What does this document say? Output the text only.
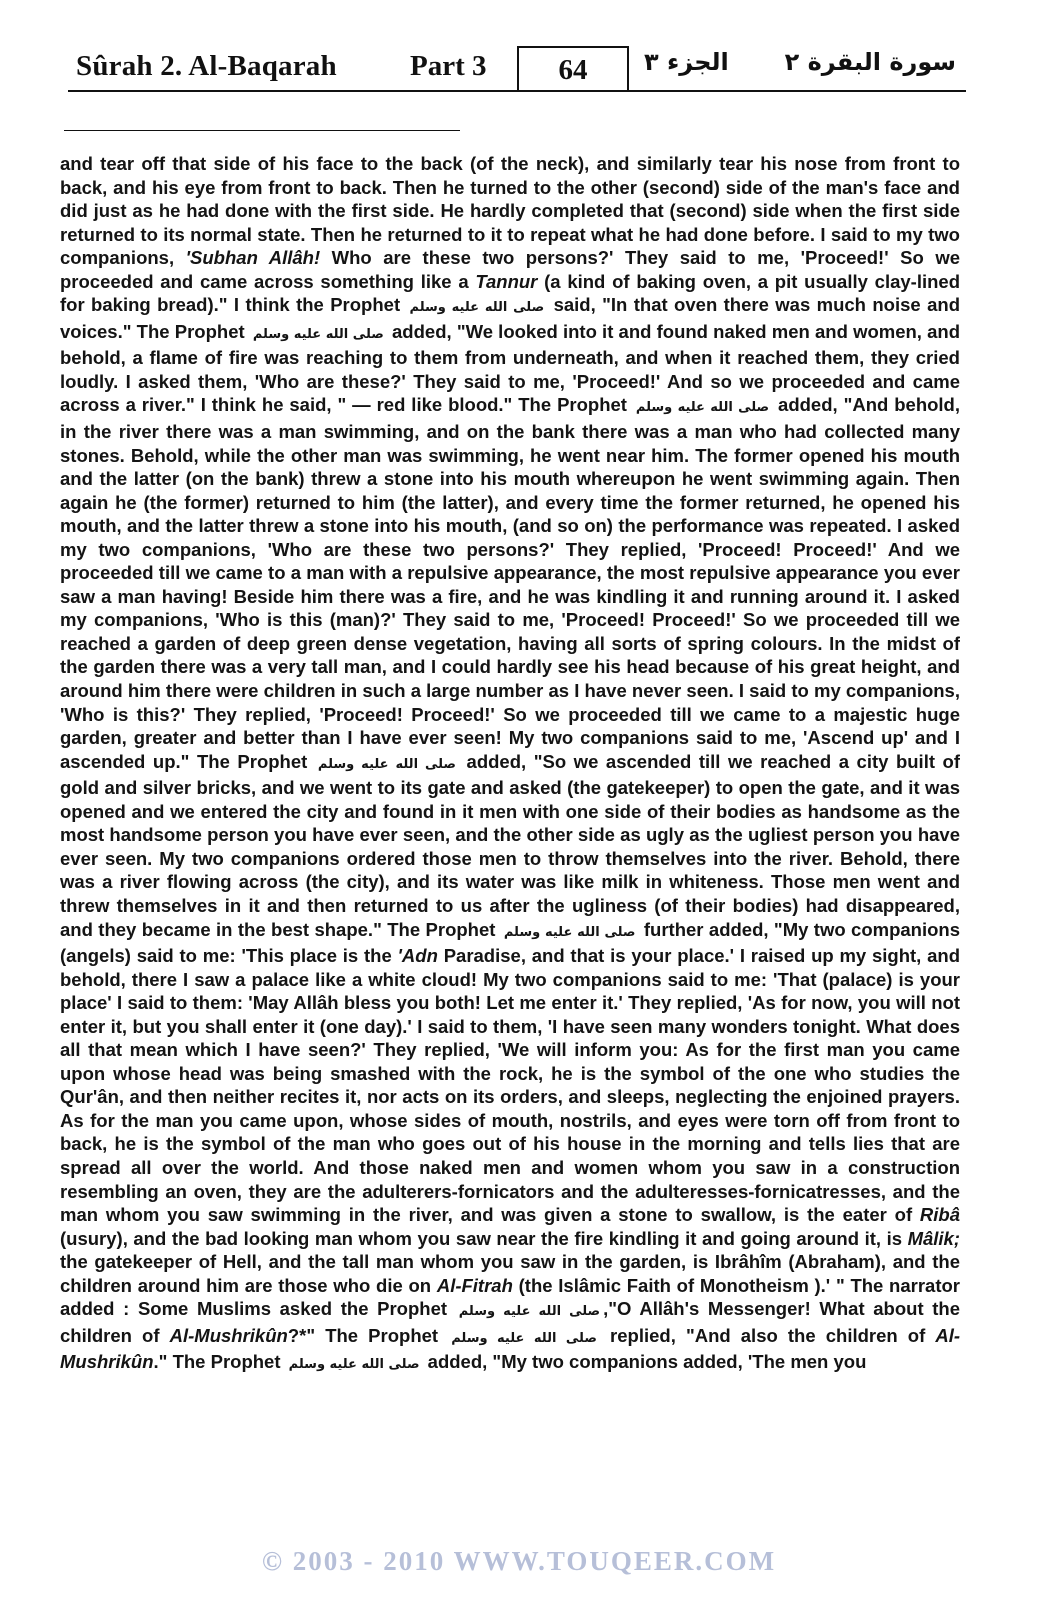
Sûrah 2. Al-Baqarah	Part 3	64	الجزء ٣ سورة البقرة ٢

and tear off that side of his face to the back (of the neck), and similarly tear his nose from front to back, and his eye from front to back. Then he turned to the other (second) side of the man's face and did just as he had done with the first side. He hardly completed that (second) side when the first side returned to its normal state. Then he returned to it to repeat what he had done before. I said to my two companions, 'Subhan Allâh! Who are these two persons?' They said to me, 'Proceed!' So we proceeded and came across something like a Tannur (a kind of baking oven, a pit usually clay-lined for baking bread)." I think the Prophet صلى الله عليه وسلم said, "In that oven there was much noise and voices." The Prophet صلى الله عليه وسلم added, "We looked into it and found naked men and women, and behold, a flame of fire was reaching to them from underneath, and when it reached them, they cried loudly. I asked them, 'Who are these?' They said to me, 'Proceed!' And so we proceeded and came across a river." I think he said, " — red like blood." The Prophet صلى الله عليه وسلم added, "And behold, in the river there was a man swimming, and on the bank there was a man who had collected many stones. Behold, while the other man was swimming, he went near him. The former opened his mouth and the latter (on the bank) threw a stone into his mouth whereupon he went swimming again. Then again he (the former) returned to him (the latter), and every time the former returned, he opened his mouth, and the latter threw a stone into his mouth, (and so on) the performance was repeated. I asked my two companions, 'Who are these two persons?' They replied, 'Proceed! Proceed!' And we proceeded till we came to a man with a repulsive appearance, the most repulsive appearance you ever saw a man having! Beside him there was a fire, and he was kindling it and running around it. I asked my companions, 'Who is this (man)?' They said to me, 'Proceed! Proceed!' So we proceeded till we reached a garden of deep green dense vegetation, having all sorts of spring colours. In the midst of the garden there was a very tall man, and I could hardly see his head because of his great height, and around him there were children in such a large number as I have never seen. I said to my companions, 'Who is this?' They replied, 'Proceed! Proceed!' So we proceeded till we came to a majestic huge garden, greater and better than I have ever seen! My two companions said to me, 'Ascend up' and I ascended up." The Prophet صلى الله عليه وسلم added, "So we ascended till we reached a city built of gold and silver bricks, and we went to its gate and asked (the gatekeeper) to open the gate, and it was opened and we entered the city and found in it men with one side of their bodies as handsome as the most handsome person you have ever seen, and the other side as ugly as the ugliest person you have ever seen. My two companions ordered those men to throw themselves into the river. Behold, there was a river flowing across (the city), and its water was like milk in whiteness. Those men went and threw themselves in it and then returned to us after the ugliness (of their bodies) had disappeared, and they became in the best shape." The Prophet صلى الله عليه وسلم further added, "My two companions (angels) said to me: 'This place is the 'Adn Paradise, and that is your place.' I raised up my sight, and behold, there I saw a palace like a white cloud! My two companions said to me: 'That (palace) is your place' I said to them: 'May Allâh bless you both! Let me enter it.' They replied, 'As for now, you will not enter it, but you shall enter it (one day).' I said to them, 'I have seen many wonders tonight. What does all that mean which I have seen?' They replied, 'We will inform you: As for the first man you came upon whose head was being smashed with the rock, he is the symbol of the one who studies the Qur'ân, and then neither recites it, nor acts on its orders, and sleeps, neglecting the enjoined prayers. As for the man you came upon, whose sides of mouth, nostrils, and eyes were torn off from front to back, he is the symbol of the man who goes out of his house in the morning and tells lies that are spread all over the world. And those naked men and women whom you saw in a construction resembling an oven, they are the adulterers-fornicators and the adulteresses-fornicatresses, and the man whom you saw swimming in the river, and was given a stone to swallow, is the eater of Ribâ (usury), and the bad looking man whom you saw near the fire kindling it and going around it, is Mâlik; the gatekeeper of Hell, and the tall man whom you saw in the garden, is Ibrâhîm (Abraham), and the children around him are those who die on Al-Fitrah (the Islâmic Faith of Monotheism ).' " The narrator added : Some Muslims asked the Prophet صلى الله عليه وسلم ,"O Allâh's Messenger! What about the children of Al-Mushrikûn?*" The Prophet صلى الله عليه وسلم replied, "And also the children of Al-Mushrikûn." The Prophet صلى الله عليه وسلم added, "My two companions added, 'The men you

© 2003 - 2010 WWW.TOUQEER.COM
